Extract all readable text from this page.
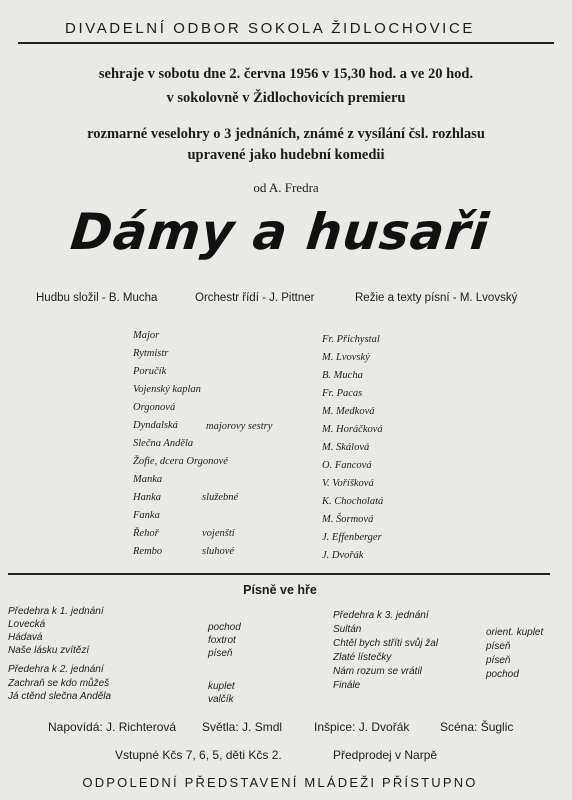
DIVADELNÍ ODBOR SOKOLA ŽIDLOCHOVICE
sehraje v sobotu dne 2. června 1956 v 15,30 hod. a ve 20 hod.
v sokolovně v Židlochovicích premieru
rozmarné veselohry o 3 jednáních, známé z vysílání čsl. rozhlasu
upravené jako hudební komedii
od A. Fredra
Dámy a husaři
Hudbu složil - B. Mucha	Orchestr řídí - J. Pittner	Režie a texty písní - M. Lvovský
Major	Fr. Přichystal
Rytmistr	M. Lvovský
Poručík	B. Mucha
Vojenský kaplan	Fr. Pacas
Orgonová	M. Medková
Dyndalská	majorovy sestry	M. Horáčková
Slečna Anděla	M. Skálová
Žofie, dcera Orgonové	O. Fancová
Manka	V. Voříšková
Hanka	služebné	K. Chocholatá
Fanka	M. Šormová
Řehoř	vojenští	J. Effenberger
Rembo	sluhové	J. Dvořák
Písně ve hře
Předehra k 1. jednání
Lovecká	pochod
Hádavá	foxtrot
Naše lásku zvítězí	píseň
Předehra k 2. jednání
Zachraň se kdo můžeš	kuplet
Já ctěnd slečna Anděla	valčík
Předehra k 3. jednání
Sultán	orient. kuplet
Chtěl bych stříti svůj žal	píseň
Zlaté lístečky	píseň
Nám rozum se vrátil	pochod
Finále
Napovídá: J. Richterová Světla: J. Smdl	Inšpice: J. Dvořák	Scéna: Šuglic
Vstupné Kčs 7, 6, 5, děti Kčs 2.	Předprodej v Narpě
ODPOLEDNÍ PŘEDSTAVENÍ MLÁDEŽI PŘÍSTUPNO
